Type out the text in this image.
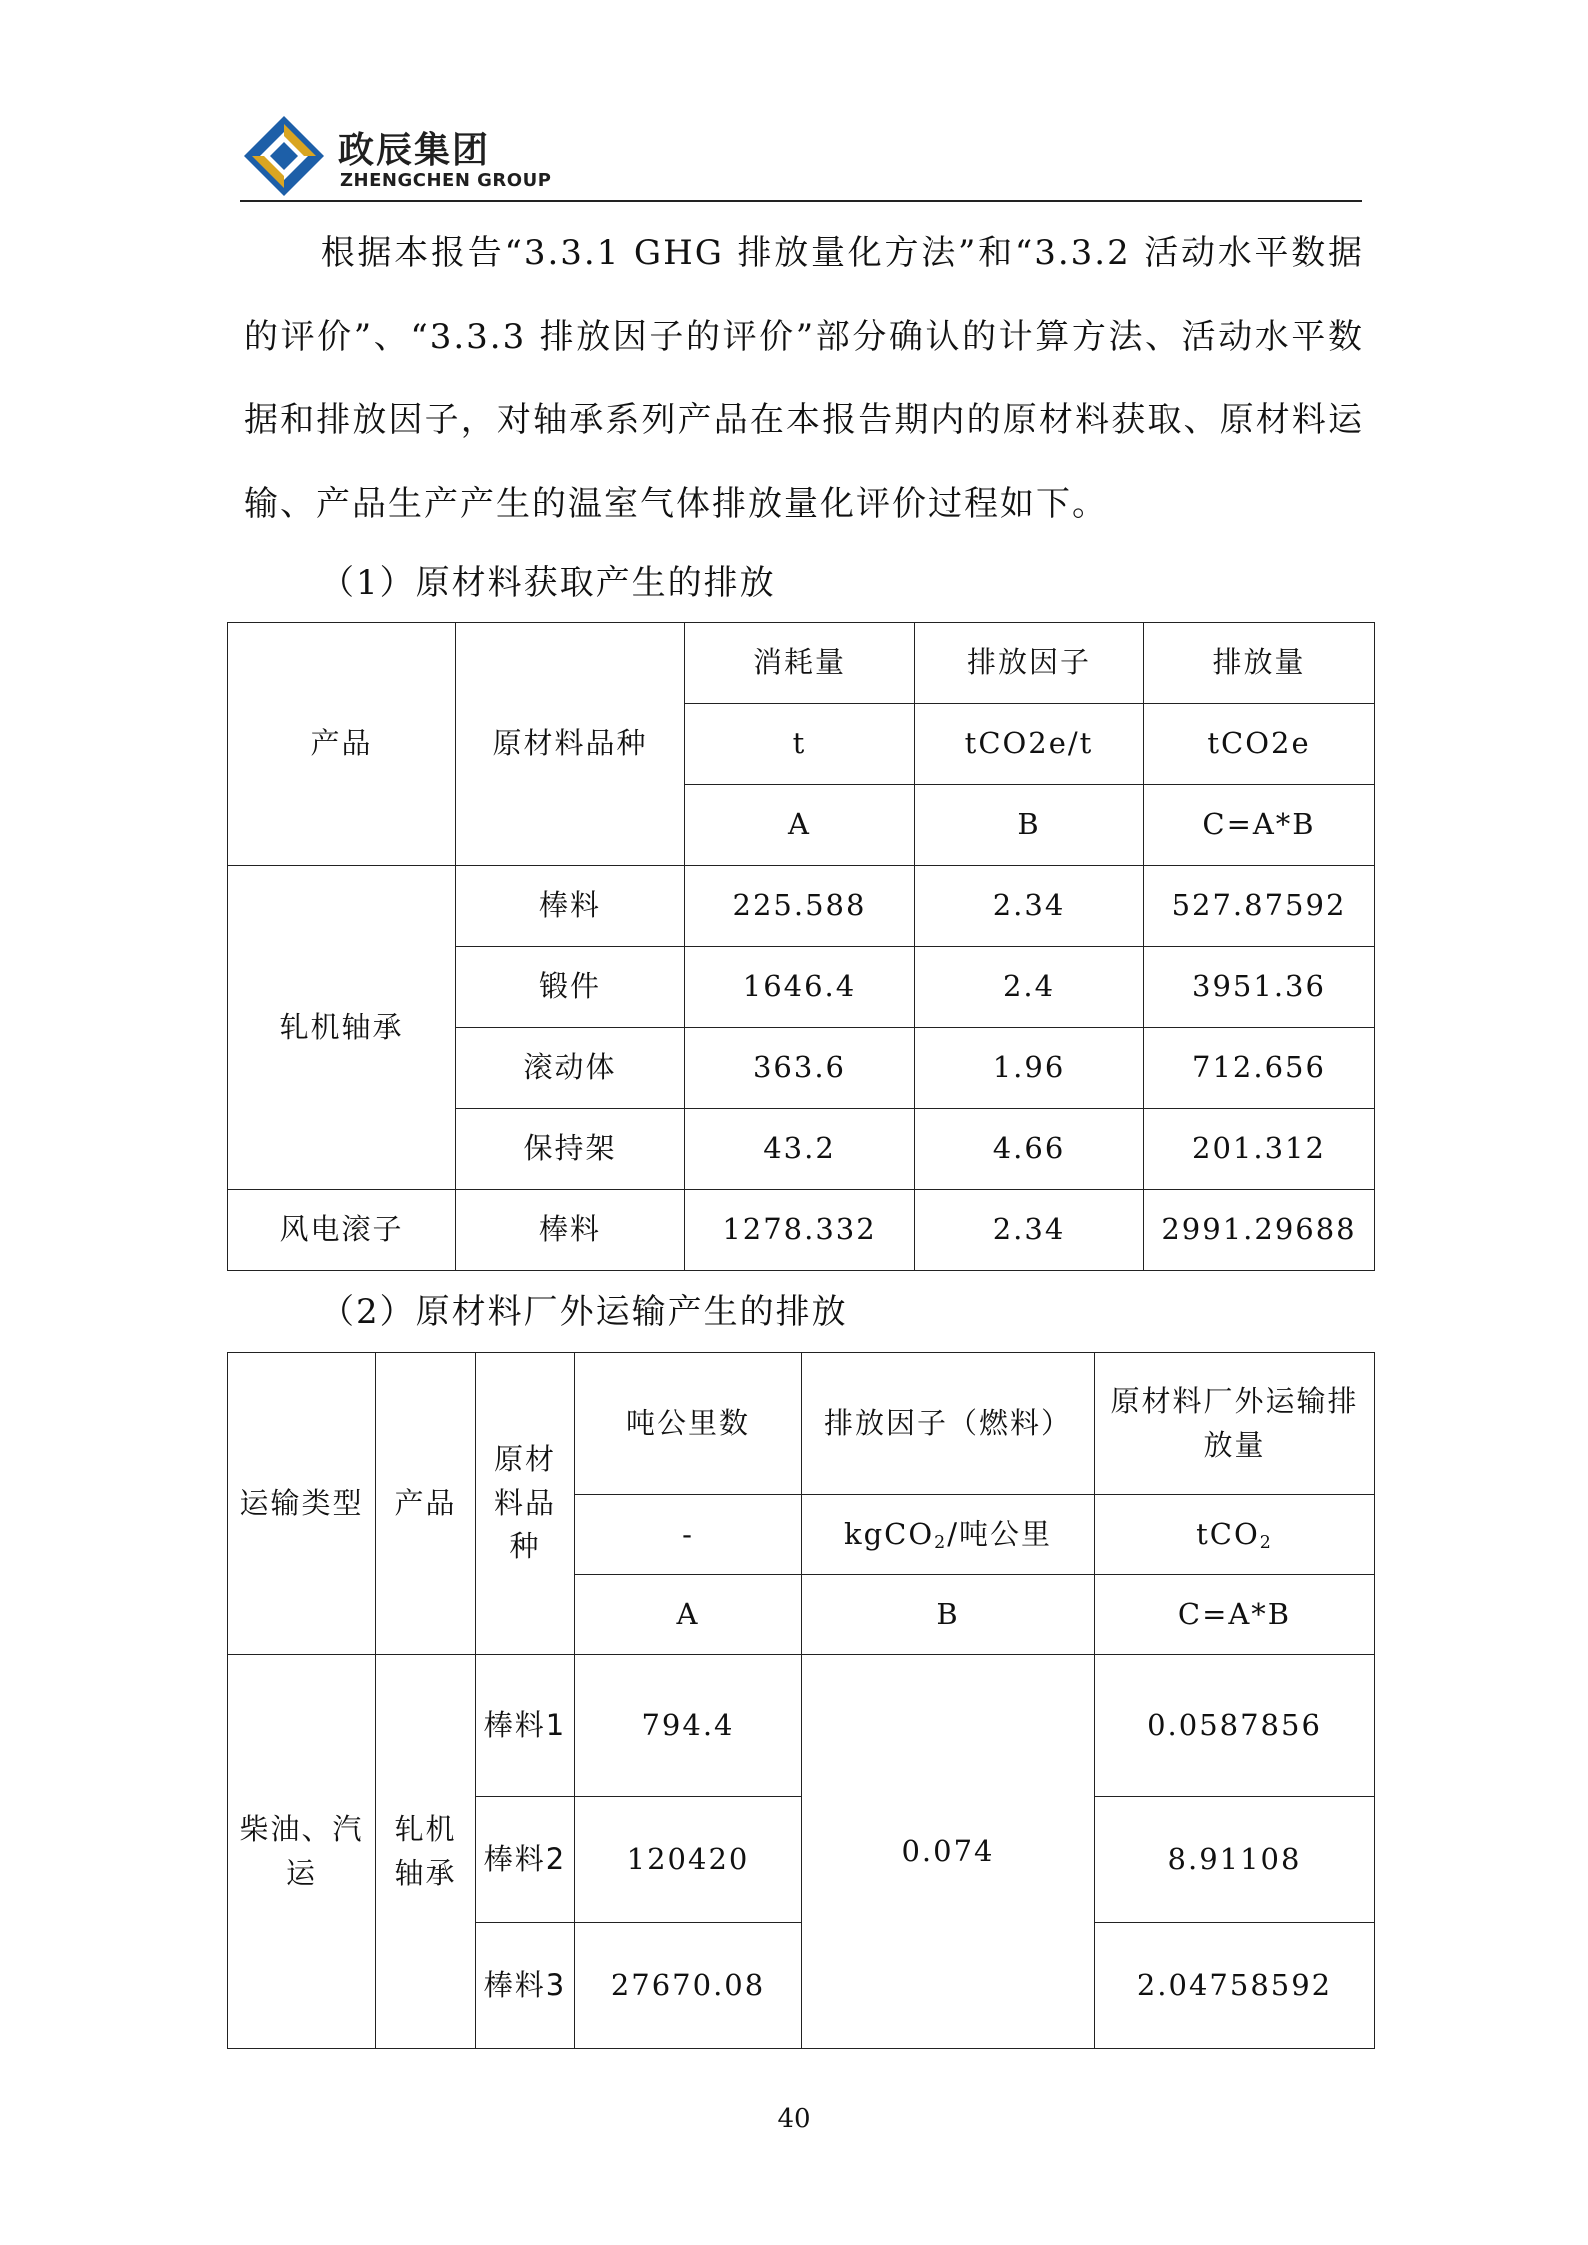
政辰集团
ZHENGCHEN GROUP
根据本报告“3.3.1 GHG 排放量化方法”和“3.3.2 活动水平数据的评价”、“3.3.3 排放因子的评价”部分确认的计算方法、活动水平数据和排放因子，对轴承系列产品在本报告期内的原材料获取、原材料运输、产品生产产生的温室气体排放量化评价过程如下。
（1）原材料获取产生的排放
产品	原材料品种	消耗量	排放因子	排放量
		t	tCO2e/t	tCO2e
		A	B	C=A*B
轧机轴承	棒料	225.588	2.34	527.87592
	锻件	1646.4	2.4	3951.36
	滚动体	363.6	1.96	712.656
	保持架	43.2	4.66	201.312
风电滚子	棒料	1278.332	2.34	2991.29688
（2）原材料厂外运输产生的排放
运输类型	产品	原材料品种	吨公里数	排放因子（燃料）	原材料厂外运输排放量
			-	kgCO$_2$/吨公里	tCO$_2$
			A	B	C=A*B
柴油、汽运	轧机轴承	棒料1	794.4	0.074	0.0587856
		棒料2	120420		8.91108
		棒料3	27670.08		2.04758592
40
